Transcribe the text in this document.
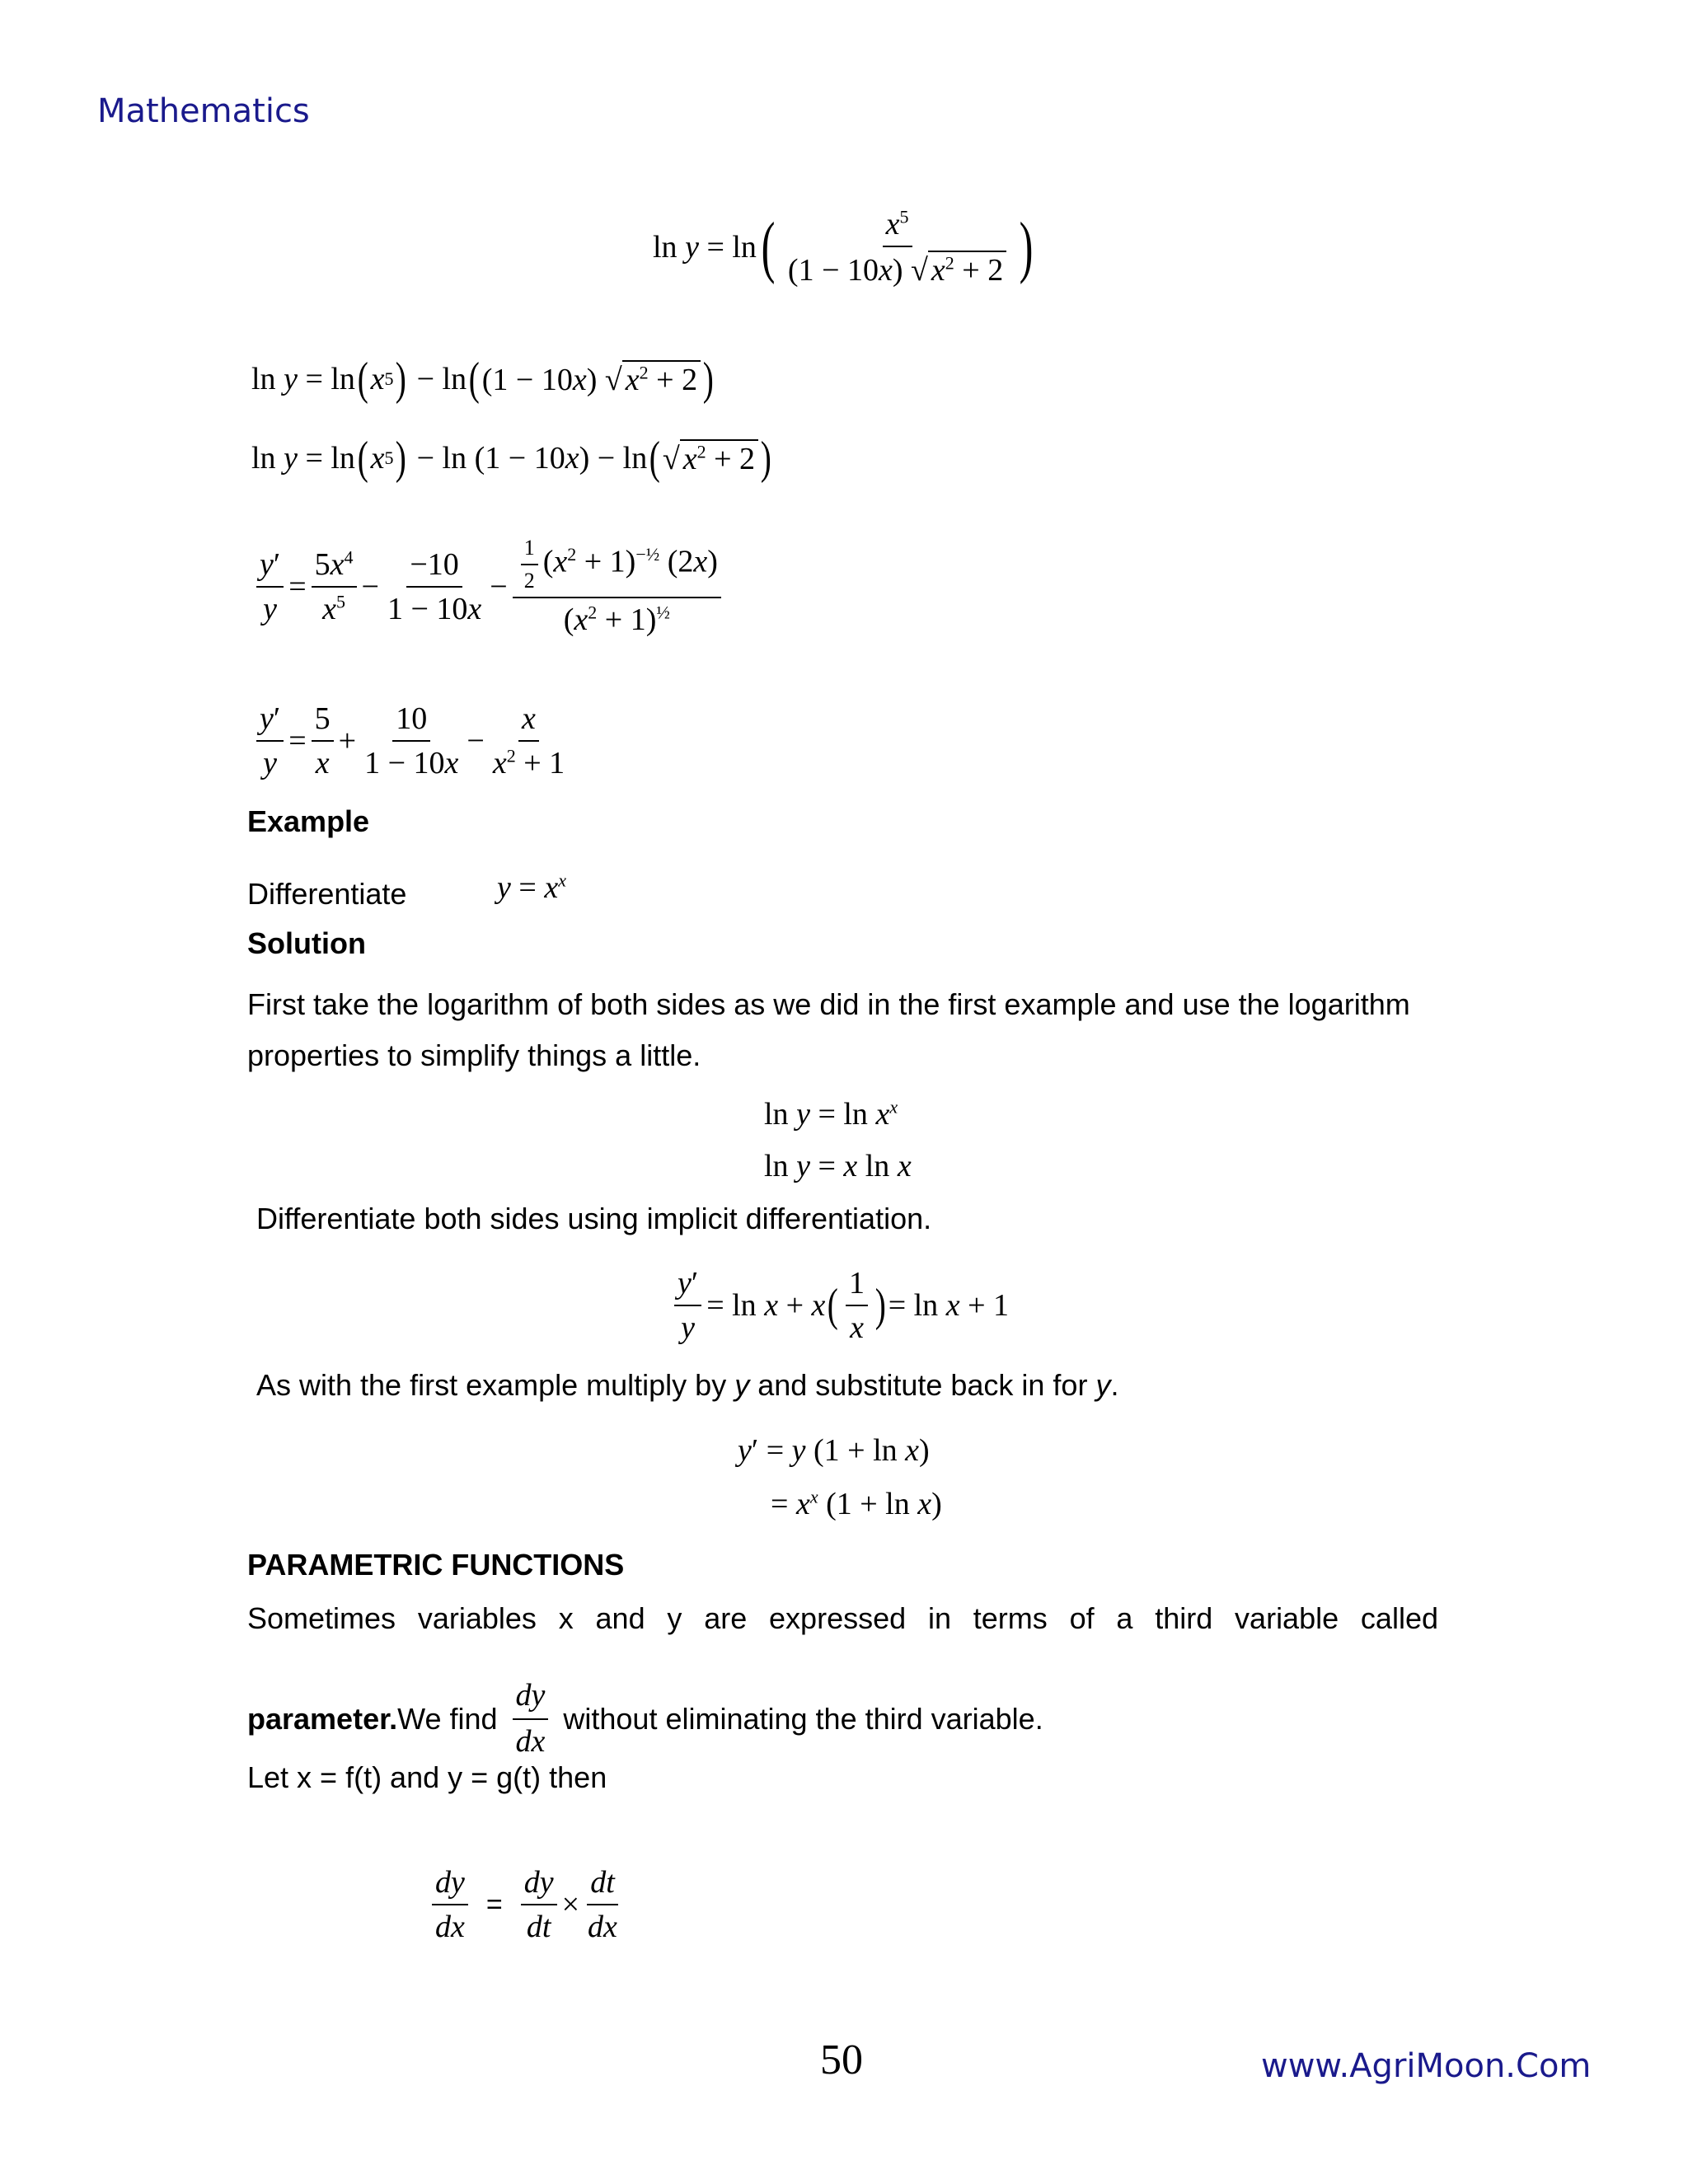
Mathematics
ln y = ln ( $\frac{x^5}{(1 - 10x) √ x^2 + 2}$ )
ln y = ln ( x 5 ) − ln ( (1 − 10x) √ $x^2 + 2$ )
ln y = ln ( x 5 ) − ln (1 − 10x) − ln ( √ $x^2 + 2$ )
$\frac{y'}{y} = \frac{5x^4}{x^5} - \frac{-10}{1 - 10x} - \frac{\frac{1}{2} (x^2 + 1)^{-\frac{1}{2}} (2x)}{(x^2 + 1)^{\frac{1}{2}}}$
$\frac{y'}{y} = \frac{5}{x} + \frac{10}{1 - 10x} - \frac{x}{x^2 + 1}$
Example
Differentiate	$y = x^x$
Solution
First take the logarithm of both sides as we did in the first example and use the logarithm properties to simplify things a little.
$\ln y = \ln x^x$
ln y = x ln x
Differentiate both sides using implicit differentiation.
$\frac{y'}{y} = \ln x + x$ ( $\frac{1}{x}$ ) = ln x + 1
As with the first example multiply by y and substitute back in for y.
y′ = y (1 + ln x)
= $x^x$ (1 + ln x)
PARAMETRIC FUNCTIONS
Sometimes variables x and y are expressed in terms of a third variable called
parameter. We find $\frac{dy}{dx}$ without eliminating the third variable.
Let x = f(t) and y = g(t) then
$\frac{dy}{dx} = \frac{dy}{dt} \times \frac{dt}{dx}$
50	www.AgriMoon.Com
